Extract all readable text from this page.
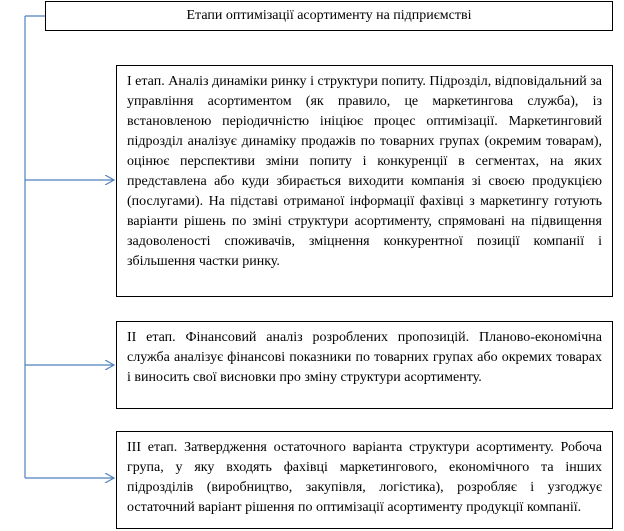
Етапи оптимізації асортименту на підприємстві
І етап. Аналіз динаміки ринку і структури попиту. Підрозділ, відповідальний за управління асортиментом (як правило, це маркетингова служба), із встановленою періодичністю ініціює процес оптимізації. Маркетинговий підрозділ аналізує динаміку продажів по товарних групах (окремим товарам), оцінює перспективи зміни попиту і конкуренції в сегментах, на яких представлена або куди збирається виходити компанія зі своєю продукцією (послугами). На підставі отриманої інформації фахівці з маркетингу готують варіанти рішень по зміні структури асортименту, спрямовані на підвищення задоволеності споживачів, зміцнення конкурентної позиції компанії і збільшення частки ринку.
ІІ етап. Фінансовий аналіз розроблених пропозицій. Планово-економічна служба аналізує фінансові показники по товарних групах або окремих товарах і виносить свої висновки про зміну структури асортименту.
ІІІ етап. Затвердження остаточного варіанта структури асортименту. Робоча група, у яку входять фахівці маркетингового, економічного та інших підрозділів (виробництво, закупівля, логістика), розробляє і узгоджує остаточний варіант рішення по оптимізації асортименту продукції компанії.
